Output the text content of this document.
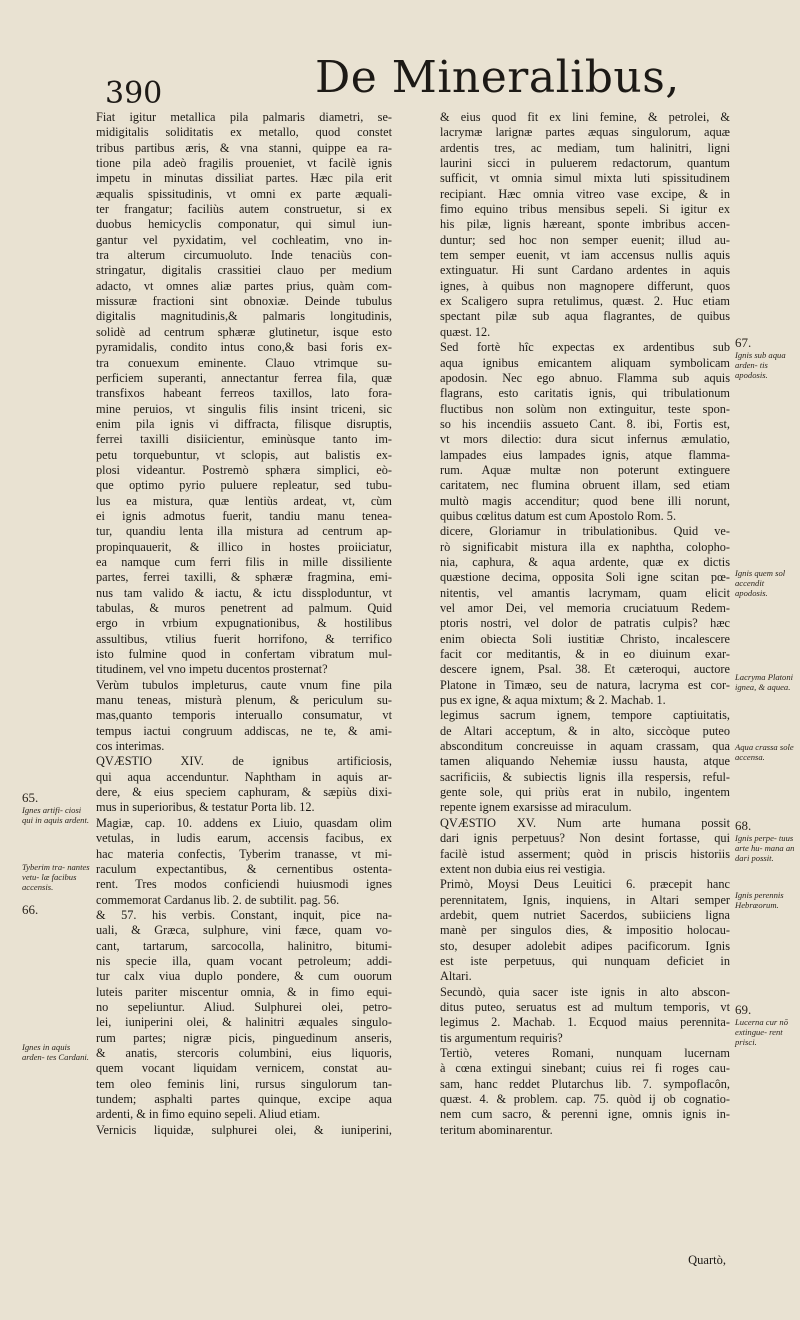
390	De Mineralibus,
Fiat igitur metallica pila palmaris diametri, se-
midigitalis soliditatis ex metallo, quod constet
tribus partibus æris, & vna stanni, quippe ea ra-
tione pila adeò fragilis proueniet, vt facilè ignis
impetu in minutas dissiliat partes. Hæc pila erit
æqualis spissitudinis, vt omni ex parte æquali-
ter frangatur; faciliùs autem construetur, si ex
duobus hemicyclis componatur, qui simul iun-
gantur vel pyxidatim, vel cochleatim, vno in-
tra alterum circumuoluto. Inde tenaciùs con-
stringatur, digitalis crassitiei clauo per medium
adacto, vt omnes aliæ partes prius, quàm com-
missuræ fractioni sint obnoxiæ. Deinde tubulus
digitalis magnitudinis,& palmaris longitudinis,
solidè ad centrum sphæræ glutinetur, isque esto
pyramidalis, condito intus cono,& basi foris ex-
tra conuexum eminente. Clauo vtrimque su-
perficiem superanti, annectantur ferrea fila, quæ
transfixos habeant ferreos taxillos, lato fora-
mine peruios, vt singulis filis insint triceni, sic
enim pila ignis vi diffracta, filisque disruptis,
ferrei taxilli disiicientur, eminùsque tanto im-
petu torquebuntur, vt sclopis, aut balistis ex-
plosi videantur. Postremò sphæra simplici, eò-
que optimo pyrio puluere repleatur, sed tubu-
lus ea mistura, quæ lentiùs ardeat, vt, cùm
ei ignis admotus fuerit, tandiu manu tenea-
tur, quandiu lenta illa mistura ad centrum ap-
propinquauerit, & illico in hostes proiiciatur,
ea namque cum ferri filis in mille dissiliente
partes, ferrei taxilli, & sphæræ fragmina, emi-
nus tam valido & iactu, & ictu dissploduntur, vt
tabulas, & muros penetrent ad palmum. Quid
ergo in vrbium expugnationibus, & hostilibus
assultibus, vtilius fuerit horrifono, & terrifico
isto fulmine quod in confertam vibratum mul-
titudinem, vel vno impetu ducentos prosternat?
Verùm tubulos impleturus, caute vnum fine pila
manu teneas, misturà plenum, & periculum su-
mas,quanto temporis interuallo consumatur, vt
tempus iactui congruum addiscas, ne te, & ami-
cos interimas.
QVÆSTIO XIV. de ignibus artificiosis,
qui aqua accenduntur. Naphtham in aquis ar-
dere, & eius speciem caphuram, & sæpiùs dixi-
mus in superioribus, & testatur Porta lib. 12.
Magiæ, cap. 10. addens ex Liuio, quasdam olim
vetulas, in ludis earum, accensis facibus, ex
hac materia confectis, Tyberim tranasse, vt mi-
raculum expectantibus, & cernentibus ostenta-
rent. Tres modos conficiendi huiusmodi ignes
commemorat Cardanus lib. 2. de subtilit. pag. 56.
& 57. his verbis. Constant, inquit, pice na-
uali, & Græca, sulphure, vini fæce, quam vo-
cant, tartarum, sarcocolla, halinitro, bitumi-
nis specie illa, quam vocant petroleum; addi-
tur calx viua duplo pondere, & cum ouorum
luteis pariter miscentur omnia, & in fimo equi-
no sepeliuntur. Aliud. Sulphurei olei, petro-
lei, iuniperini olei, & halinitri æquales singulo-
rum partes; nigræ picis, pinguedinum anseris,
& anatis, stercoris columbini, eius liquoris,
quem vocant liquidam vernicem, constat au-
tem oleo feminis lini, rursus singulorum tan-
tundem; asphalti partes quinque, excipe aqua
ardenti, & in fimo equino sepeli. Aliud etiam.
Vernicis liquidæ, sulphurei olei, & iuniperini,
& eius quod fit ex lini femine, & petrolei, &
lacrymæ larignæ partes æquas singulorum, aquæ
ardentis tres, ac mediam, tum halinitri, ligni
laurini sicci in puluerem redactorum, quantum
sufficit, vt omnia simul mixta luti spissitudinem
recipiant. Hæc omnia vitreo vase excipe, & in
fimo equino tribus mensibus sepeli. Si igitur ex
his pilæ, lignis hæreant, sponte imbribus accen-
duntur; sed hoc non semper euenit; illud au-
tem semper euenit, vt iam accensus nullis aquis
extinguatur. Hi sunt Cardano ardentes in aquis
ignes, à quibus non magnopere differunt, quos
ex Scaligero supra retulimus, quæst. 2. Huc etiam
spectant pilæ sub aqua flagrantes, de quibus
quæst. 12.
Sed fortè hîc expectas ex ardentibus sub
aqua ignibus emicantem aliquam symbolicam
apodosin. Nec ego abnuo. Flamma sub aquis
flagrans, esto caritatis ignis, qui tribulationum
fluctibus non solùm non extinguitur, teste spon-
so his incendiis assueto Cant. 8. ibi, Fortis est,
vt mors dilectio: dura sicut infernus æmulatio,
lampades eius lampades ignis, atque flamma-
rum. Aquæ multæ non poterunt extinguere
caritatem, nec flumina obruent illam, sed etiam
multò magis accenditur; quod bene illi norunt,
quibus cœlitus datum est cum Apostolo Rom. 5.
dicere, Gloriamur in tribulationibus. Quid ve-
rò significabit mistura illa ex naphtha, colopho-
nia, caphura, & aqua ardente, quæ ex dictis
quæstione decima, opposita Soli igne scitan pœ-
nitentis, vel amantis lacrymam, quam elicit
vel amor Dei, vel memoria cruciatuum Redem-
ptoris nostri, vel dolor de patratis culpis? hæc
enim obiecta Soli iustitiæ Christo, incalescere
facit cor meditantis, & in eo diuinum exar-
descere ignem, Psal. 38. Et cæteroqui, auctore
Platone in Timæo, seu de natura, lacryma est cor-
pus ex igne, & aqua mixtum; & 2. Machab. 1.
legimus sacrum ignem, tempore captiuitatis,
de Altari acceptum, & in alto, siccòque puteo
absconditum concreuisse in aquam crassam, qua
tamen aliquando Nehemiæ iussu hausta, atque
sacrificiis, & subiectis lignis illa respersis, reful-
gente sole, qui priùs erat in nubilo, ingentem
repente ignem exarsisse ad miraculum.
QVÆSTIO XV. Num arte humana possit
dari ignis perpetuus? Non desint fortasse, qui
facilè istud asserment; quòd in priscis historiis
extent non dubia eius rei vestigia.
Primò, Moysi Deus Leuitici 6. præcepit hanc
perennitatem, Ignis, inquiens, in Altari semper
ardebit, quem nutriet Sacerdos, subiiciens ligna
manè per singulos dies, & impositio holocau-
sto, desuper adolebit adipes pacificorum. Ignis
est iste perpetuus, qui nunquam deficiet in
Altari.
Secundò, quia sacer iste ignis in alto abscon-
ditus puteo, seruatus est ad multum temporis, vt
legimus 2. Machab. 1. Ecquod maius perennita-
tis argumentum requiris?
Tertiò, veteres Romani, nunquam lucernam
à cœna extingui sinebant; cuius rei fi roges cau-
sam, hanc reddet Plutarchus lib. 7. sympoflacôn,
quæst. 4. & problem. cap. 75. quòd ij ob cognatio-
nem cum sacro, & perenni igne, omnis ignis in-
teritum abominarentur.
65.
Ignes artifi- ciosi qui in aquis ardent.
Tyberim tra- nantes vetu- læ facibus accensis.
66.
Ignes in aquis arden- tes Cardani.
67.
Ignis sub aqua arden- tis apodosis.
Ignis quem sol accendit apodosis.
Lacryma Platoni ignea, & aquea.
Aqua crassa sole accensa.
68.
Ignis perpe- tuus arte hu- mana an dari possit.
Ignis perennis Hebræorum.
69.
Lucerna cur nō extingue- rent prisci.
Quartò,
